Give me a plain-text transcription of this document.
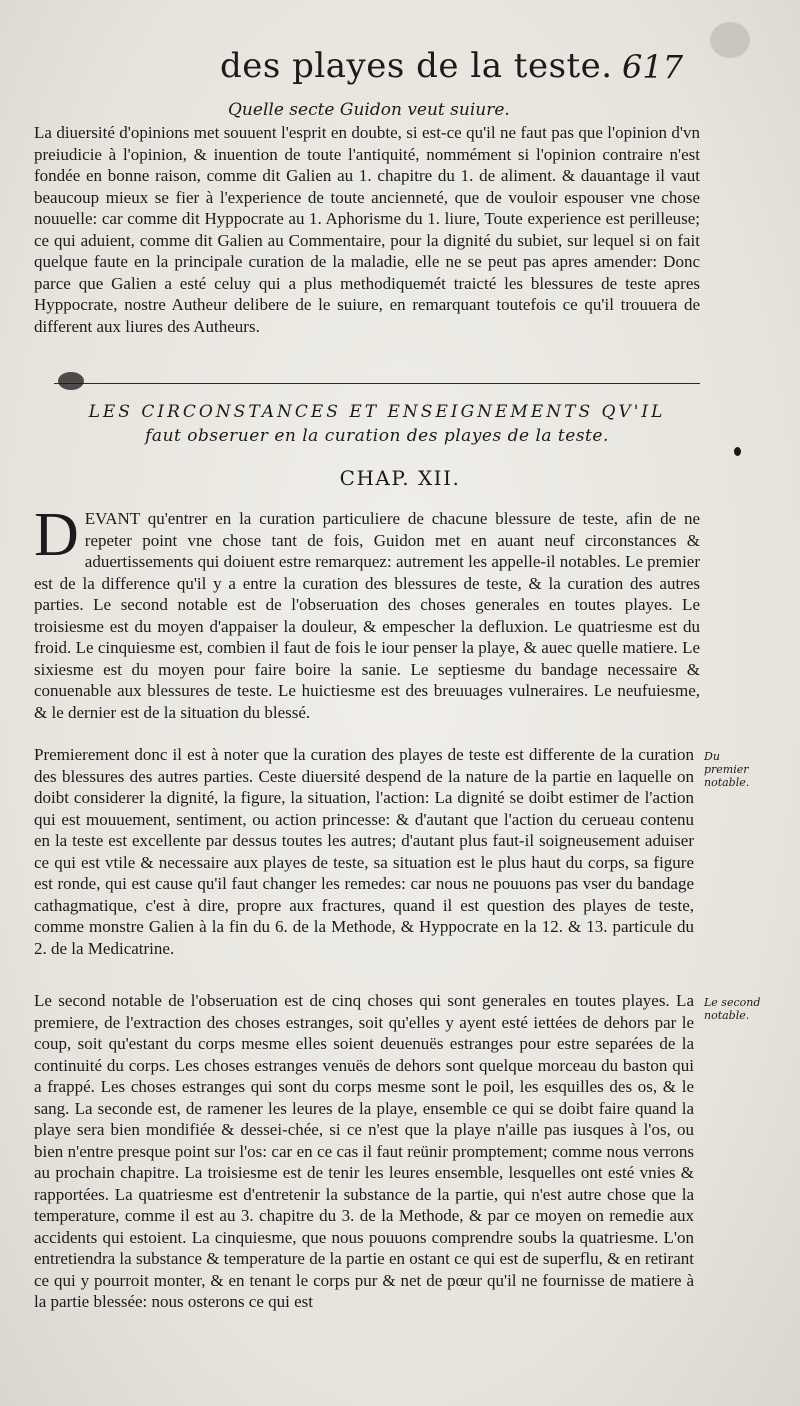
des playes de la teste. 617
Quelle secte Guidon veut suiure.
La diuersité d'opinions met souuent l'esprit en doubte, si est-ce qu'il ne faut pas que l'opinion d'vn preiudicie à l'opinion, & inuention de toute l'antiquité, nommément si l'opinion contraire n'est fondée en bonne raison, comme dit Galien au 1. chapitre du 1. de aliment. & dauantage il vaut beaucoup mieux se fier à l'experience de toute ancienneté, que de vouloir espouser vne chose nouuelle: car comme dit Hyppocrate au 1. Aphorisme du 1. liure, Toute experience est perilleuse; ce qui aduient, comme dit Galien au Commentaire, pour la dignité du subiet, sur lequel si on fait quelque faute en la principale curation de la maladie, elle ne se peut pas apres amender: Donc parce que Galien a esté celuy qui a plus methodiquemét traicté les blessures de teste apres Hyppocrate, nostre Autheur delibere de le suiure, en remarquant toutefois ce qu'il trouuera de different aux liures des Autheurs.
LES CIRCONSTANCES ET ENSEIGNEMENTS QV'IL
faut obseruer en la curation des playes de la teste.
CHAP. XII.
DEVANT qu'entrer en la curation particuliere de chacune blessure de teste, afin de ne repeter point vne chose tant de fois, Guidon met en auant neuf circonstances & aduertissements qui doiuent estre remarquez: autrement les appelle-il notables. Le premier est de la difference qu'il y a entre la curation des blessures de teste, & la curation des autres parties. Le second notable est de l'obseruation des choses generales en toutes playes. Le troisiesme est du moyen d'appaiser la douleur, & empescher la defluxion. Le quatriesme est du froid. Le cinquiesme est, combien il faut de fois le iour penser la playe, & auec quelle matiere. Le sixiesme est du moyen pour faire boire la sanie. Le septiesme du bandage necessaire & conuenable aux blessures de teste. Le huictiesme est des breuuages vulneraires. Le neufuiesme, & le dernier est de la situation du blessé.
Premierement donc il est à noter que la curation des playes de teste est differente de la curation des blessures des autres parties. Ceste diuersité despend de la nature de la partie en laquelle on doibt considerer la dignité, la figure, la situation, l'action: La dignité se doibt estimer de l'action qui est mouuement, sentiment, ou action princesse: & d'autant que l'action du cerueau contenu en la teste est excellente par dessus toutes les autres; d'autant plus faut-il soigneusement aduiser ce qui est vtile & necessaire aux playes de teste, sa situation est le plus haut du corps, sa figure est ronde, qui est cause qu'il faut changer les remedes: car nous ne pouuons pas vser du bandage cathagmatique, c'est à dire, propre aux fractures, quand il est question des playes de teste, comme monstre Galien à la fin du 6. de la Methode, & Hyppocrate en la 12. & 13. particule du 2. de la Medicatrine.
Le second notable de l'obseruation est de cinq choses qui sont generales en toutes playes. La premiere, de l'extraction des choses estranges, soit qu'elles y ayent esté iettées de dehors par le coup, soit qu'estant du corps mesme elles soient deuenuës estranges pour estre separées de la continuité du corps. Les choses estranges venuës de dehors sont quelque morceau du baston qui a frappé. Les choses estranges qui sont du corps mesme sont le poil, les esquilles des os, & le sang. La seconde est, de ramener les leures de la playe, ensemble ce qui se doibt faire quand la playe sera bien mondifiée & dessei-chée, si ce n'est que la playe n'aille pas iusques à l'os, ou bien n'entre presque point sur l'os: car en ce cas il faut reünir promptement; comme nous verrons au prochain chapitre. La troisiesme est de tenir les leures ensemble, lesquelles ont esté vnies & rapportées. La quatriesme est d'entretenir la substance de la partie, qui n'est autre chose que la temperature, comme il est au 3. chapitre du 3. de la Methode, & par ce moyen on remedie aux accidents qui estoient. La cinquiesme, que nous pouuons comprendre soubs la quatriesme. L'on entretiendra la substance & temperature de la partie en ostant ce qui est de superflu, & en retirant ce qui y pourroit monter, & en tenant le corps pur & net de pœur qu'il ne fournisse de matiere à la partie blessée: nous osterons ce qui est
Du premier notable.
Le second notable.
